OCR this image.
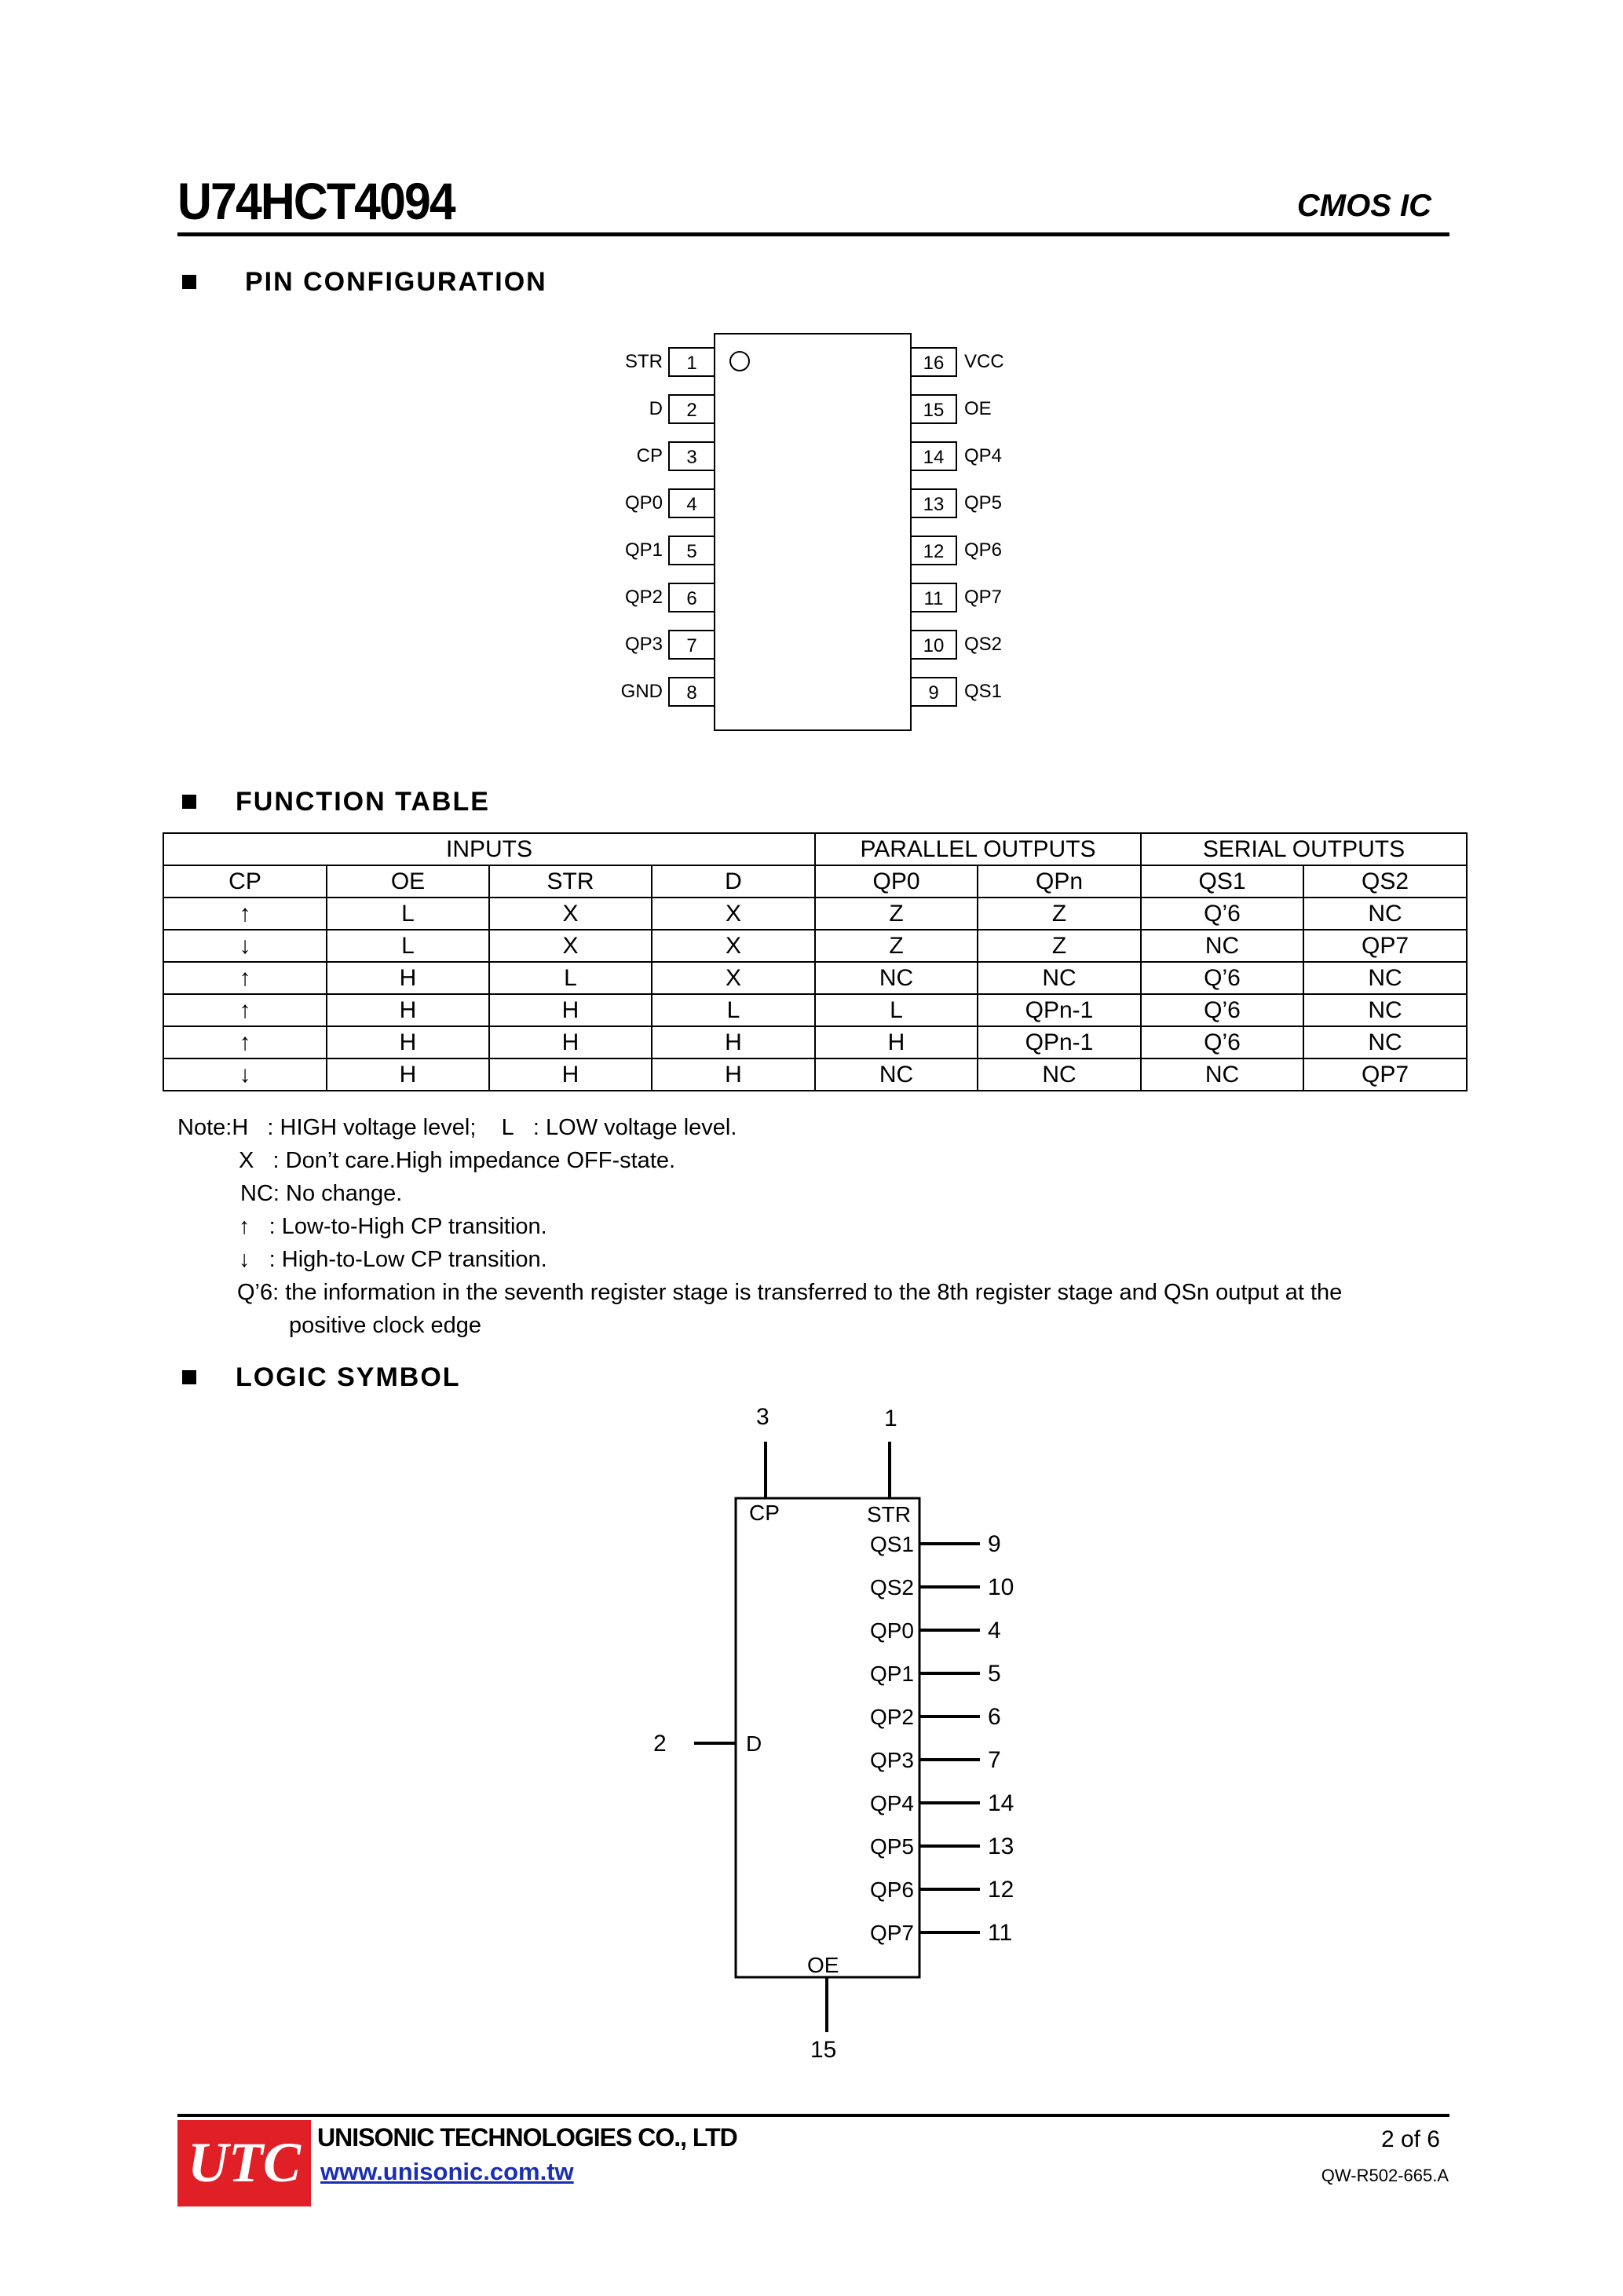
U74HCT4094	CMOS IC
PIN CONFIGURATION
1
STR
2
D
3
CP
4
QP0
5
QP1
6
QP2
7
QP3
8
GND
16 VCC
15 OE
14 QP4
13 QP5
12 QP6
11 QP7
10 QS2
9 QS1
FUNCTION TABLE
INPUTS				PARALLEL OUTPUTS		SERIAL OUTPUTS	
CP	OE	STR	D	QP0	QPn	QS1	QS2
↑	L	X	X	Z	Z	Q’6	NC
↓	L	X	X	Z	Z	NC	QP7
↑	H	L	X	NC	NC	Q’6	NC
↑	H	H	L	L	QPn-1	Q’6	NC
↑	H	H	H	H	QPn-1	Q’6	NC
↓	H	H	H	NC	NC	NC	QP7
Note:H   : HIGH voltage level;    L   : LOW voltage level.
X   : Don’t care.High impedance OFF-state.
NC: No change.
↑   : Low-to-High CP transition.
↓   : High-to-Low CP transition.
Q’6: the information in the seventh register stage is transferred to the 8th register stage and QSn output at the
positive clock edge
LOGIC SYMBOL
3	1
CP	STR
2	D
OE
15
QS1	9
QS2	10
QP0	4
QP1	5
QP2	6
QP3	7
QP4	14
QP5	13
QP6	12
QP7	11
UTC UNISONIC TECHNOLOGIES CO., LTD
www.unisonic.com.tw
2 of 6
QW-R502-665.A
